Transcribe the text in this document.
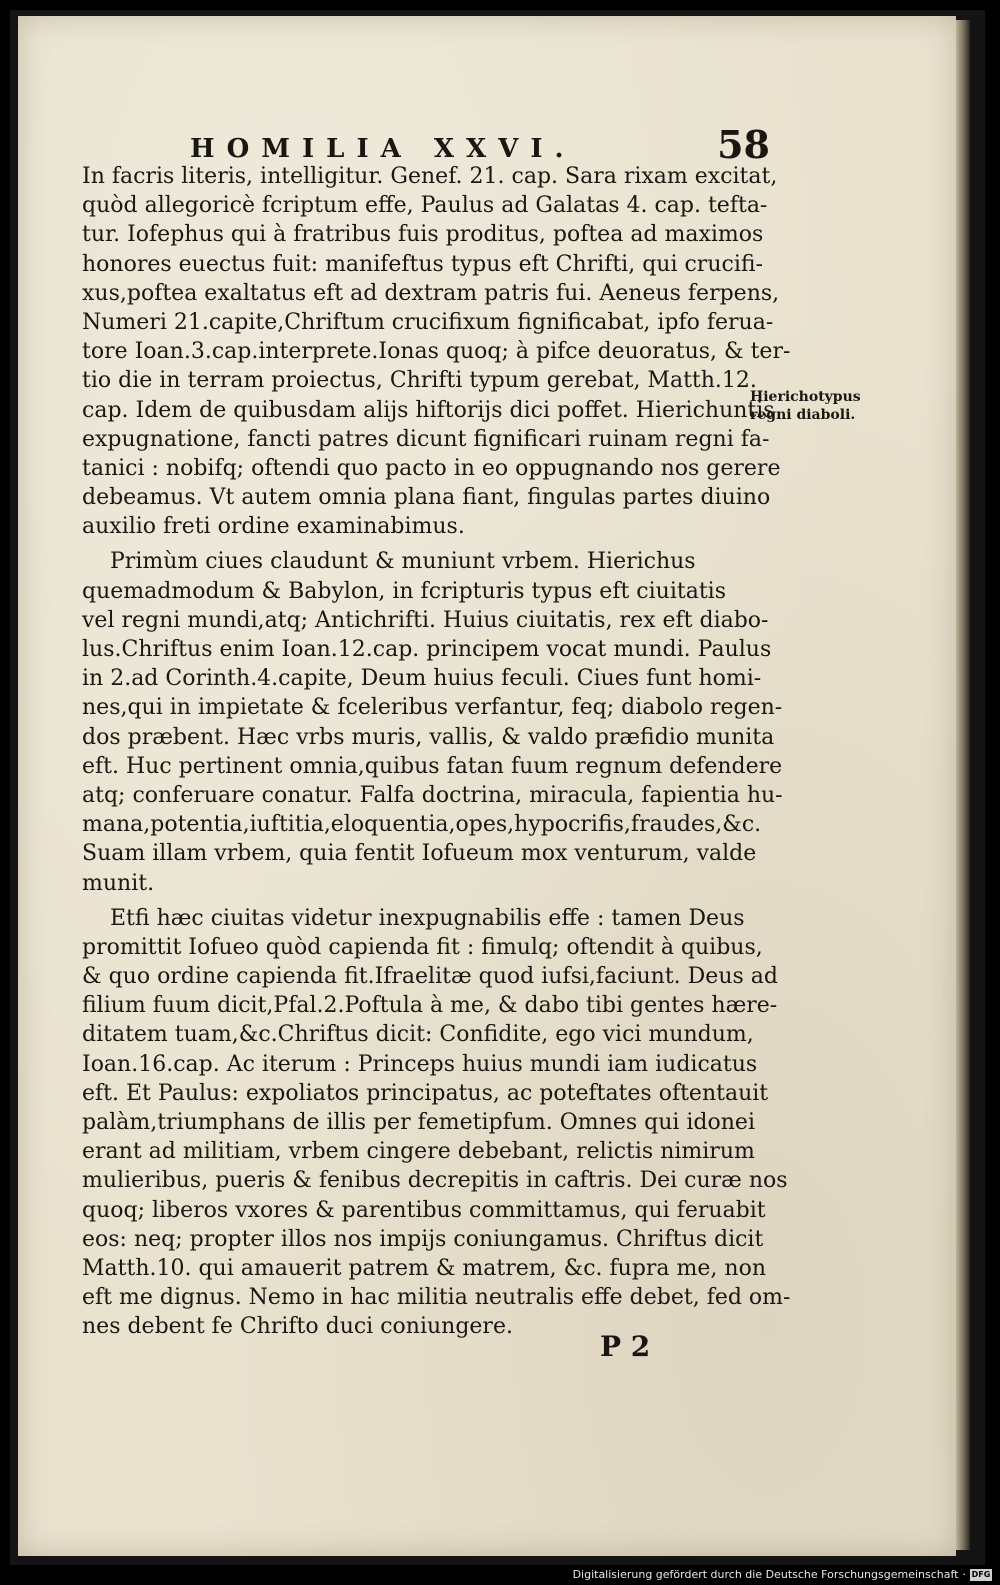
HOMILIA XXVI.	58
In facris literis, intelligitur. Genef. 21. cap. Sara rixam excitat,
quòd allegoricè fcriptum effe, Paulus ad Galatas 4. cap. tefta-
tur. Iofephus qui à fratribus fuis proditus, poftea ad maximos
honores euectus fuit: manifeftus typus eft Chrifti, qui crucifi-
xus,poftea exaltatus eft ad dextram patris fui. Aeneus ferpens,
Numeri 21.capite,Chriftum crucifixum fignificabat, ipfo ferua-
tore Ioan.3.cap.interprete.Ionas quoq; à pifce deuoratus, & ter-
tio die in terram proiectus, Chrifti typum gerebat, Matth.12.
cap. Idem de quibusdam alijs hiftorijs dici poffet. Hierichuntis
expugnatione, fancti patres dicunt fignificari ruinam regni fa-
tanici : nobifq; oftendi quo pacto in eo oppugnando nos gerere
debeamus. Vt autem omnia plana fiant, fingulas partes diuino
auxilio freti ordine examinabimus.
Primùm ciues claudunt & muniunt vrbem. Hierichus
quemadmodum & Babylon, in fcripturis typus eft ciuitatis
vel regni mundi,atq; Antichrifti. Huius ciuitatis, rex eft diabo-
lus.Chriftus enim Ioan.12.cap. principem vocat mundi. Paulus
in 2.ad Corinth.4.capite, Deum huius feculi. Ciues funt homi-
nes,qui in impietate & fceleribus verfantur, feq; diabolo regen-
dos præbent. Hæc vrbs muris, vallis, & valdo præfidio munita
eft. Huc pertinent omnia,quibus fatan fuum regnum defendere
atq; conferuare conatur. Falfa doctrina, miracula, fapientia hu-
mana,potentia,iuftitia,eloquentia,opes,hypocrifis,fraudes,&c.
Suam illam vrbem, quia fentit Iofueum mox venturum, valde
munit.
Etfi hæc ciuitas videtur inexpugnabilis effe : tamen Deus
promittit Iofueo quòd capienda fit : fimulq; oftendit à quibus,
& quo ordine capienda fit.Ifraelitæ quod iufsi,faciunt. Deus ad
filium fuum dicit,Pfal.2.Poftula à me, & dabo tibi gentes hære-
ditatem tuam,&c.Chriftus dicit: Confidite, ego vici mundum,
Ioan.16.cap. Ac iterum : Princeps huius mundi iam iudicatus
eft. Et Paulus: expoliatos principatus, ac poteftates oftentauit
palàm,triumphans de illis per femetipfum. Omnes qui idonei
erant ad militiam, vrbem cingere debebant, relictis nimirum
mulieribus, pueris & fenibus decrepitis in caftris. Dei curæ nos
quoq; liberos vxores & parentibus committamus, qui feruabit
eos: neq; propter illos nos impijs coniungamus. Chriftus dicit
Matth.10. qui amauerit patrem & matrem, &c. fupra me, non
eft me dignus. Nemo in hac militia neutralis effe debet, fed om-
nes debent fe Chrifto duci coniungere.
Hierichotypus
regni diaboli.
P 2
Digitalisierung gefördert durch die Deutsche Forschungsgemeinschaft · DFG
